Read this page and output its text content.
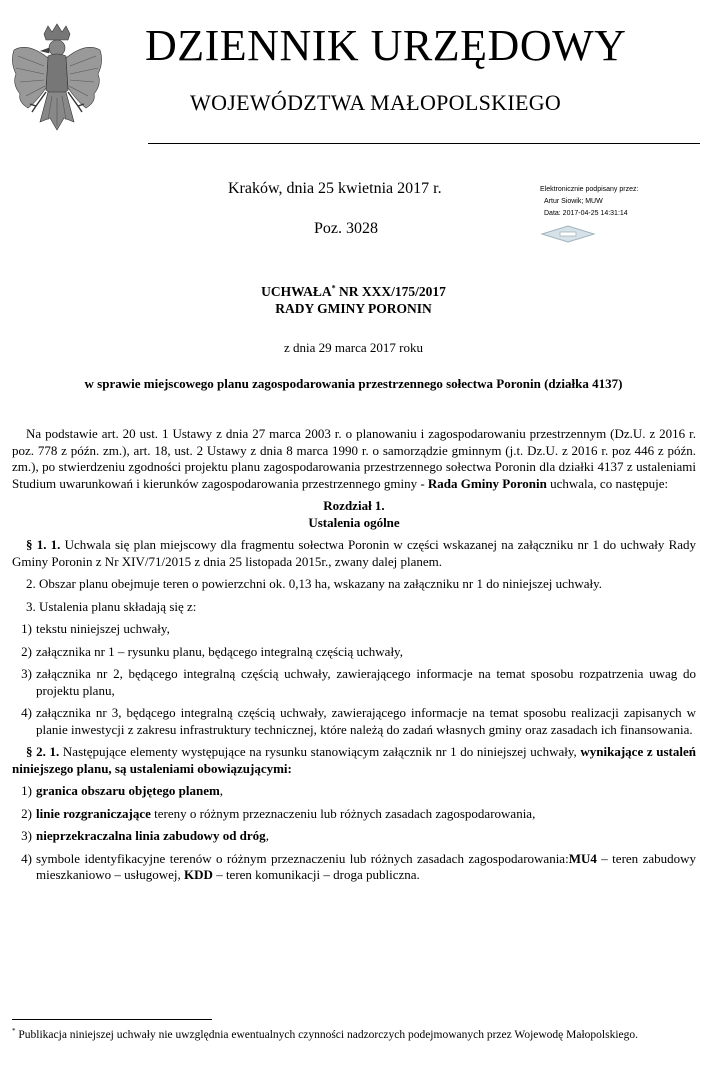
DZIENNIK URZĘDOWY
WOJEWÓDZTWA MAŁOPOLSKIEGO
Kraków, dnia 25 kwietnia 2017 r.
Poz. 3028
Elektronicznie podpisany przez:
Artur Siowik; MUW
Data: 2017-04-25 14:31:14
UCHWAŁA* NR XXX/175/2017
RADY GMINY PORONIN
z dnia 29 marca 2017 roku
w sprawie miejscowego planu zagospodarowania przestrzennego sołectwa Poronin (działka 4137)

Na podstawie art. 20 ust. 1 Ustawy z dnia 27 marca 2003 r. o planowaniu i zagospodarowaniu przestrzennym (Dz.U. z 2016 r. poz. 778 z późn. zm.), art. 18, ust. 2 Ustawy z dnia 8 marca 1990 r. o samorządzie gminnym (j.t. Dz.U. z 2016 r. poz 446 z późn. zm.), po stwierdzeniu zgodności projektu planu zagospodarowania przestrzennego sołectwa Poronin dla działki 4137 z ustaleniami Studium uwarunkowań i kierunków zagospodarowania przestrzennego gminy - Rada Gminy Poronin uchwala, co następuje:

Rozdział 1.
Ustalenia ogólne

§ 1. 1. Uchwala się plan miejscowy dla fragmentu sołectwa Poronin w części wskazanej na załączniku nr 1 do uchwały Rady Gminy Poronin z Nr XIV/71/2015 z dnia 25 listopada 2015r., zwany dalej planem.

2. Obszar planu obejmuje teren o powierzchni ok. 0,13 ha, wskazany na załączniku nr 1 do niniejszej uchwały.

3. Ustalenia planu składają się z:

1) tekstu niniejszej uchwały,
2) załącznika nr 1 – rysunku planu, będącego integralną częścią uchwały,
3) załącznika nr 2, będącego integralną częścią uchwały, zawierającego informacje na temat sposobu rozpatrzenia uwag do projektu planu,
4) załącznika nr 3, będącego integralną częścią uchwały, zawierającego informacje na temat sposobu realizacji zapisanych w planie inwestycji z zakresu infrastruktury technicznej, które należą do zadań własnych gminy oraz zasadach ich finansowania.

§ 2. 1. Następujące elementy występujące na rysunku stanowiącym załącznik nr 1 do niniejszej uchwały, wynikające z ustaleń niniejszego planu, są ustaleniami obowiązującymi:

1) granica obszaru objętego planem,
2) linie rozgraniczające tereny o różnym przeznaczeniu lub różnych zasadach zagospodarowania,
3) nieprzekraczalna linia zabudowy od dróg,
4) symbole identyfikacyjne terenów o różnym przeznaczeniu lub różnych zasadach zagospodarowania:MU4 – teren zabudowy mieszkaniowo – usługowej, KDD – teren komunikacji – droga publiczna.
* Publikacja niniejszej uchwały nie uwzględnia ewentualnych czynności nadzorczych podejmowanych przez Wojewodę Małopolskiego.
